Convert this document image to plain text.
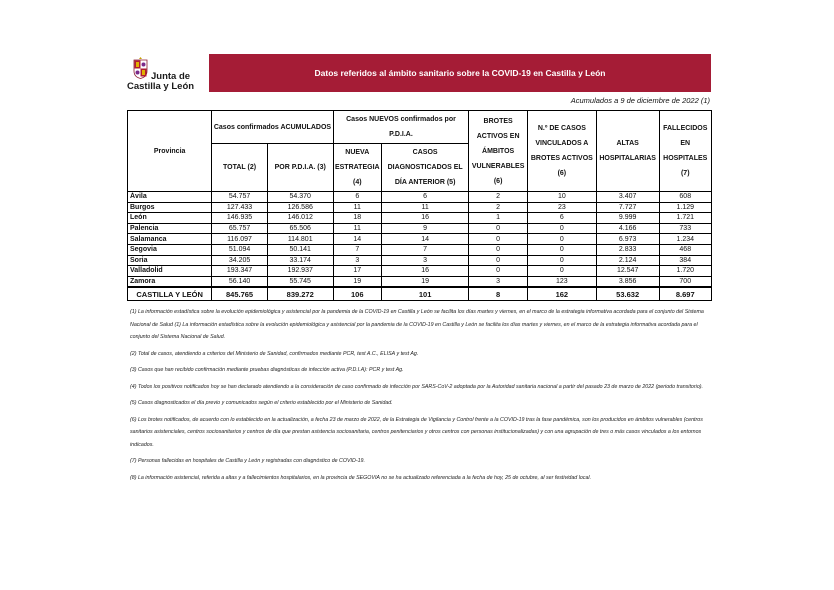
Junta de
Castilla y León
Datos referidos al ámbito sanitario sobre la COVID-19 en Castilla y León
Acumulados a 9 de diciembre de 2022 (1)
Provincia	Casos confirmados ACUMULADOS		Casos NUEVOS confirmados por P.D.I.A.		BROTES ACTIVOS EN ÁMBITOS VULNERABLES (6)	N.º DE CASOS VINCULADOS A BROTES ACTIVOS (6)	ALTAS HOSPITALARIAS	FALLECIDOS EN HOSPITALES (7)
	TOTAL (2)	POR P.D.I.A. (3)	NUEVA ESTRATEGIA (4)	CASOS DIAGNOSTICADOS EL DÍA ANTERIOR (5)				
Ávila	54.757	54.370	6	6	2	10	3.407	608
Burgos	127.433	126.586	11	11	2	23	7.727	1.129
León	146.935	146.012	18	16	1	6	9.999	1.721
Palencia	65.757	65.506	11	9	0	0	4.166	733
Salamanca	116.097	114.801	14	14	0	0	6.973	1.234
Segovia	51.094	50.141	7	7	0	0	2.833	468
Soria	34.205	33.174	3	3	0	0	2.124	384
Valladolid	193.347	192.937	17	16	0	0	12.547	1.720
Zamora	56.140	55.745	19	19	3	123	3.856	700
CASTILLA Y LEÓN	845.765	839.272	106	101	8	162	53.632	8.697

(1) La información estadística sobre la evolución epidemiológica y asistencial por la pandemia de la COVID-19 en Castilla y León se facilita los días martes y viernes, en el marco de la estrategia informativa acordada para el conjunto del Sistema Nacional de Salud (1) La información estadística sobre la evolución epidemiológica y asistencial por la pandemia de la COVID-19 en Castilla y León se facilita los días martes y viernes, en el marco de la estrategia informativa acordada para el conjunto del Sistema Nacional de Salud.

(2) Total de casos, atendiendo a criterios del Ministerio de Sanidad, confirmados mediante PCR, test A.C., ELISA y test Ag.

(3) Casos que han recibido confirmación mediante pruebas diagnósticas de infección activa (P.D.I.A): PCR y test Ag.

(4) Todos los positivos notificados hoy se han declarado atendiendo a la consideración de caso confirmado de infección por SARS-CoV-2 adoptada por la Autoridad sanitaria nacional a partir del pasado 23 de marzo de 2022 (periodo transitorio).

(5) Casos diagnosticados el día previo y comunicados según el criterio establecido por el Ministerio de Sanidad.

(6) Los brotes notificados, de acuerdo con lo establecido en la actualización, a fecha 23 de marzo de 2022, de la Estrategia de Vigilancia y Control frente a la COVID-19 tras la fase pandémica, son los producidos en ámbitos vulnerables (centros sanitarios asistenciales, centros sociosanitarios y centros de día que prestan asistencia sociosanitaria, centros penitenciarios y otros centros con personas institucionalizadas) y con una agrupación de tres o más casos vinculados a los entornos indicados.

(7) Personas fallecidas en hospitales de Castilla y León y registradas con diagnóstico de COVID-19.

(8) La información asistencial, referida a altas y a fallecimientos hospitalarios, en la provincia de SEGOVIA no se ha actualizado referenciada a la fecha de hoy, 25 de octubre, al ser festividad local.
